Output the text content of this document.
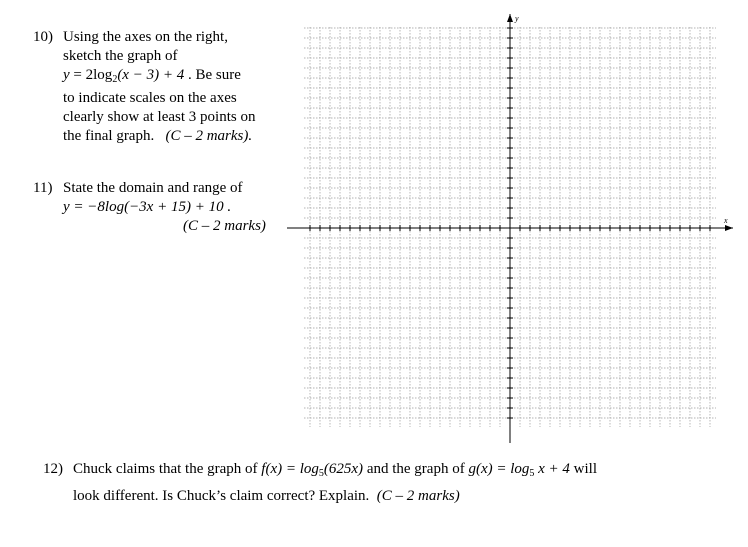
10) Using the axes on the right,
sketch the graph of
$y = 2\log_2(x - 3) + 4$ . Be sure
to indicate scales on the axes
clearly show at least 3 points on
the final graph. (C – 2 marks).
11) State the domain and range of
y = −8log(−3x + 15) + 10 .
(C – 2 marks)
12) Chuck claims that the graph of $f(x) = \log_5(625x)$ and the graph of $g(x) = \log_5 x + 4$ will
look different. Is Chuck’s claim correct? Explain. (C – 2 marks)
x
y
